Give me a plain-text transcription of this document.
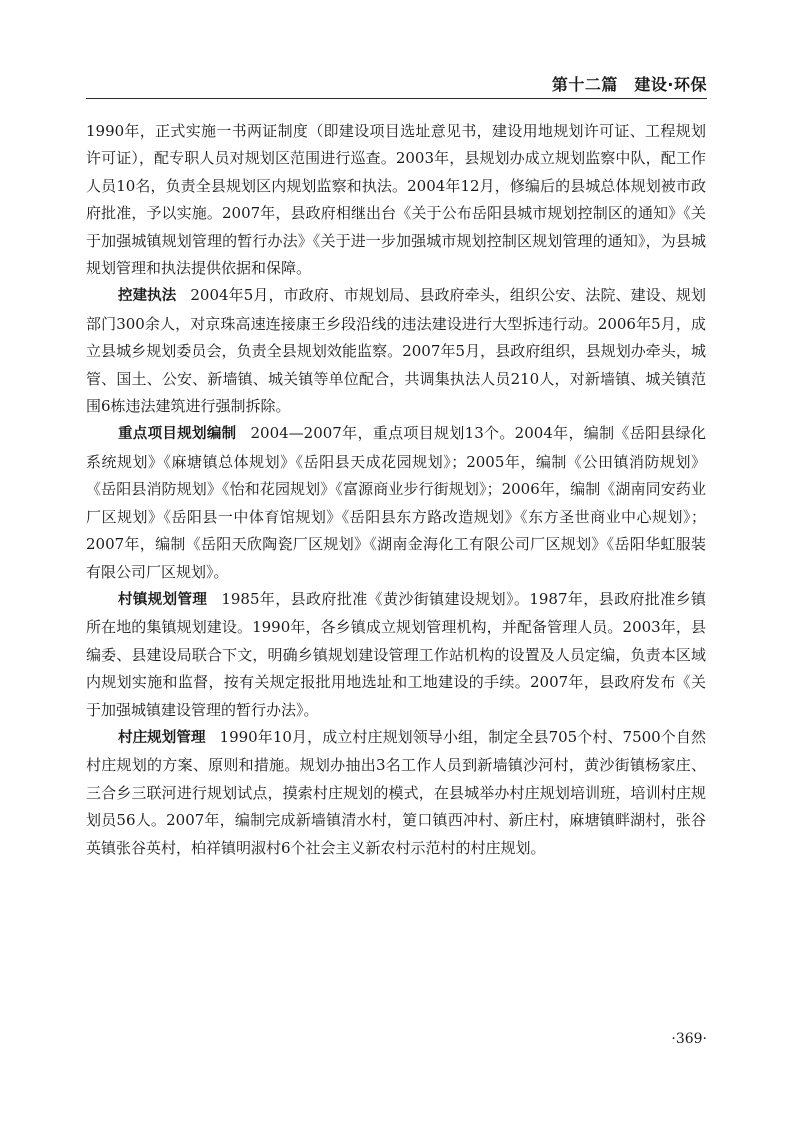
第十二篇　建设·环保

1990年，正式实施一书两证制度（即建设项目选址意见书，建设用地规划许可证、工程规划许可证），配专职人员对规划区范围进行巡查。2003年，县规划办成立规划监察中队，配工作人员10名，负责全县规划区内规划监察和执法。2004年12月，修编后的县城总体规划被市政府批准，予以实施。2007年，县政府相继出台《关于公布岳阳县城市规划控制区的通知》《关于加强城镇规划管理的暂行办法》《关于进一步加强城市规划控制区规划管理的通知》，为县城规划管理和执法提供依据和保障。

控建执法 2004年5月，市政府、市规划局、县政府牵头，组织公安、法院、建设、规划部门300余人，对京珠高速连接康王乡段沿线的违法建设进行大型拆违行动。2006年5月，成立县城乡规划委员会，负责全县规划效能监察。2007年5月，县政府组织，县规划办牵头，城管、国土、公安、新墙镇、城关镇等单位配合，共调集执法人员210人，对新墙镇、城关镇范围6栋违法建筑进行强制拆除。

重点项目规划编制 2004—2007年，重点项目规划13个。2004年，编制《岳阳县绿化系统规划》《麻塘镇总体规划》《岳阳县天成花园规划》；2005年，编制《公田镇消防规划》《岳阳县消防规划》《怡和花园规划》《富源商业步行街规划》；2006年，编制《湖南同安药业厂区规划》《岳阳县一中体育馆规划》《岳阳县东方路改造规划》《东方圣世商业中心规划》；2007年，编制《岳阳天欣陶瓷厂区规划》《湖南金海化工有限公司厂区规划》《岳阳华虹服装有限公司厂区规划》。

村镇规划管理 1985年，县政府批准《黄沙街镇建设规划》。1987年，县政府批准乡镇所在地的集镇规划建设。1990年，各乡镇成立规划管理机构，并配备管理人员。2003年，县编委、县建设局联合下文，明确乡镇规划建设管理工作站机构的设置及人员定编，负责本区域内规划实施和监督，按有关规定报批用地选址和工地建设的手续。2007年，县政府发布《关于加强城镇建设管理的暂行办法》。

村庄规划管理 1990年10月，成立村庄规划领导小组，制定全县705个村、7500个自然村庄规划的方案、原则和措施。规划办抽出3名工作人员到新墙镇沙河村，黄沙街镇杨家庄、三合乡三联河进行规划试点，摸索村庄规划的模式，在县城举办村庄规划培训班，培训村庄规划员56人。2007年，编制完成新墙镇清水村，筻口镇西冲村、新庄村，麻塘镇畔湖村，张谷英镇张谷英村，柏祥镇明淑村6个社会主义新农村示范村的村庄规划。

·369·
